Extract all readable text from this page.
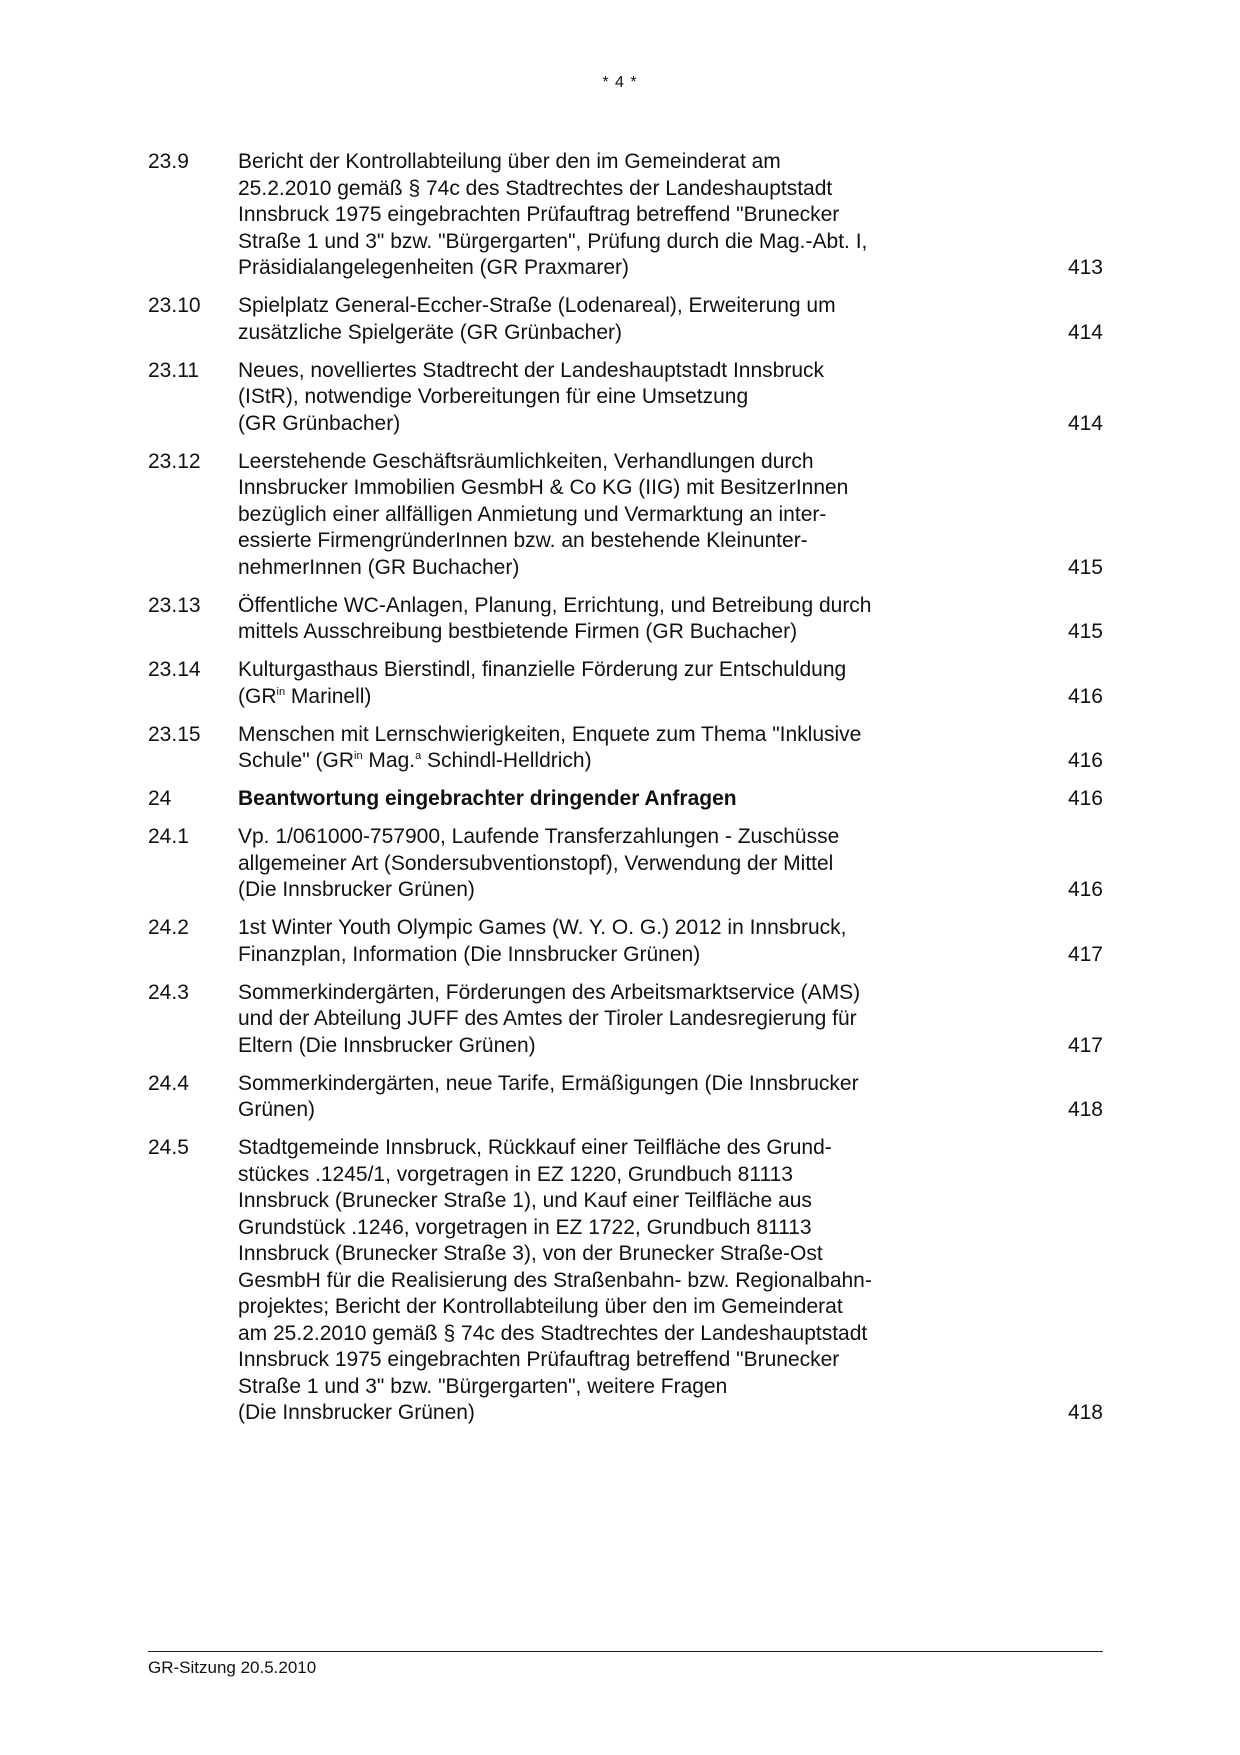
* 4 *
23.9	Bericht der Kontrollabteilung über den im Gemeinderat am
25.2.2010 gemäß § 74c des Stadtrechtes der Landeshauptstadt
Innsbruck 1975 eingebrachten Prüfauftrag betreffend "Brunecker
Straße 1 und 3" bzw. "Bürgergarten", Prüfung durch die Mag.-Abt. I,
Präsidialangelegenheiten (GR Praxmarer)	413
23.10	Spielplatz General-Eccher-Straße (Lodenareal), Erweiterung um
zusätzliche Spielgeräte (GR Grünbacher)	414
23.11	Neues, novelliertes Stadtrecht der Landeshauptstadt Innsbruck
(IStR), notwendige Vorbereitungen für eine Umsetzung
(GR Grünbacher)	414
23.12	Leerstehende Geschäftsräumlichkeiten, Verhandlungen durch
Innsbrucker Immobilien GesmbH & Co KG (IIG) mit BesitzerInnen
bezüglich einer allfälligen Anmietung und Vermarktung an inter-
essierte FirmengründerInnen bzw. an bestehende Kleinunter-
nehmerInnen (GR Buchacher)	415
23.13	Öffentliche WC-Anlagen, Planung, Errichtung, und Betreibung durch
mittels Ausschreibung bestbietende Firmen (GR Buchacher)	415
23.14	Kulturgasthaus Bierstindl, finanzielle Förderung zur Entschuldung
($GR^{in}$ Marinell)	416
23.15	Menschen mit Lernschwierigkeiten, Enquete zum Thema "Inklusive
Schule" ($GR^{in}$ Mag.$^a$ Schindl-Helldrich)	416
24	Beantwortung eingebrachter dringender Anfragen	416
24.1	Vp. 1/061000-757900, Laufende Transferzahlungen - Zuschüsse
allgemeiner Art (Sondersubventionstopf), Verwendung der Mittel
(Die Innsbrucker Grünen)	416
24.2	1st Winter Youth Olympic Games (W. Y. O. G.) 2012 in Innsbruck,
Finanzplan, Information (Die Innsbrucker Grünen)	417
24.3	Sommerkindergärten, Förderungen des Arbeitsmarktservice (AMS)
und der Abteilung JUFF des Amtes der Tiroler Landesregierung für
Eltern (Die Innsbrucker Grünen)	417
24.4	Sommerkindergärten, neue Tarife, Ermäßigungen (Die Innsbrucker
Grünen)	418
24.5	Stadtgemeinde Innsbruck, Rückkauf einer Teilfläche des Grund-
stückes .1245/1, vorgetragen in EZ 1220, Grundbuch 81113
Innsbruck (Brunecker Straße 1), und Kauf einer Teilfläche aus
Grundstück .1246, vorgetragen in EZ 1722, Grundbuch 81113
Innsbruck (Brunecker Straße 3), von der Brunecker Straße-Ost
GesmbH für die Realisierung des Straßenbahn- bzw. Regionalbahn-
projektes; Bericht der Kontrollabteilung über den im Gemeinderat
am 25.2.2010 gemäß § 74c des Stadtrechtes der Landeshauptstadt
Innsbruck 1975 eingebrachten Prüfauftrag betreffend "Brunecker
Straße 1 und 3" bzw. "Bürgergarten", weitere Fragen
(Die Innsbrucker Grünen)	418
GR-Sitzung 20.5.2010
